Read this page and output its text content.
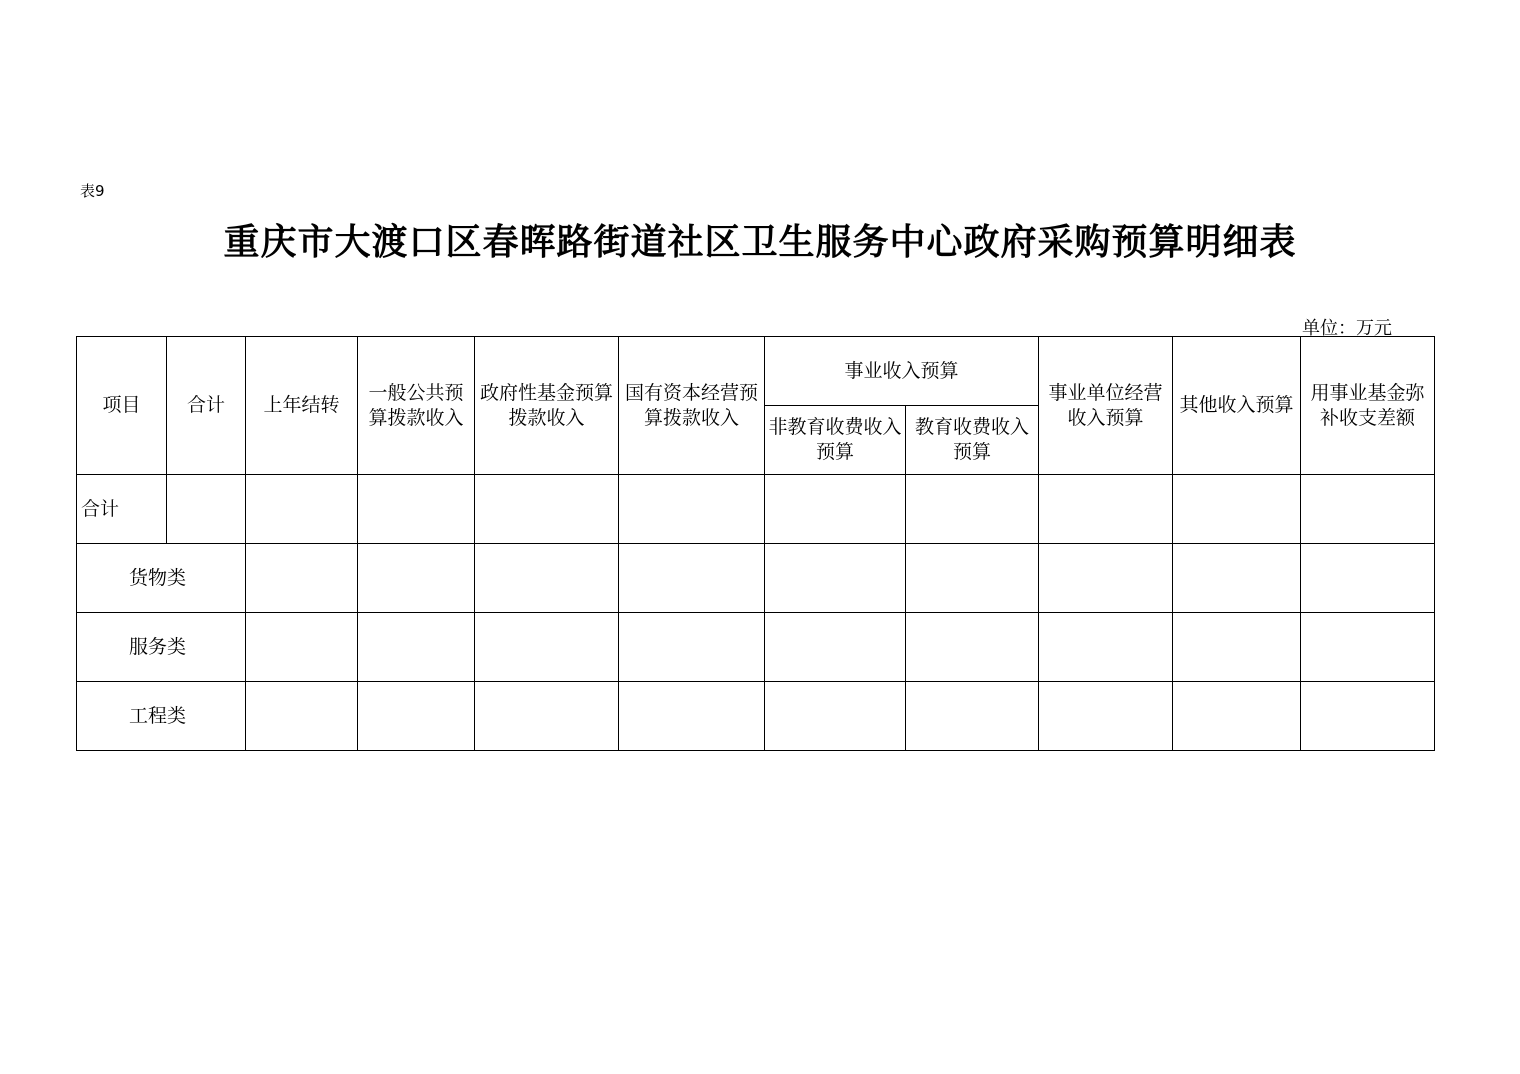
表9
重庆市大渡口区春晖路街道社区卫生服务中心政府采购预算明细表
单位：万元
项目	合计	上年结转	一般公共预算拨款收入	政府性基金预算拨款收入	国有资本经营预算拨款收入	事业收入预算		事业单位经营收入预算	其他收入预算	用事业基金弥补收支差额
						非教育收费收入预算	教育收费收入预算			
合计										
货物类										
服务类										
工程类										
